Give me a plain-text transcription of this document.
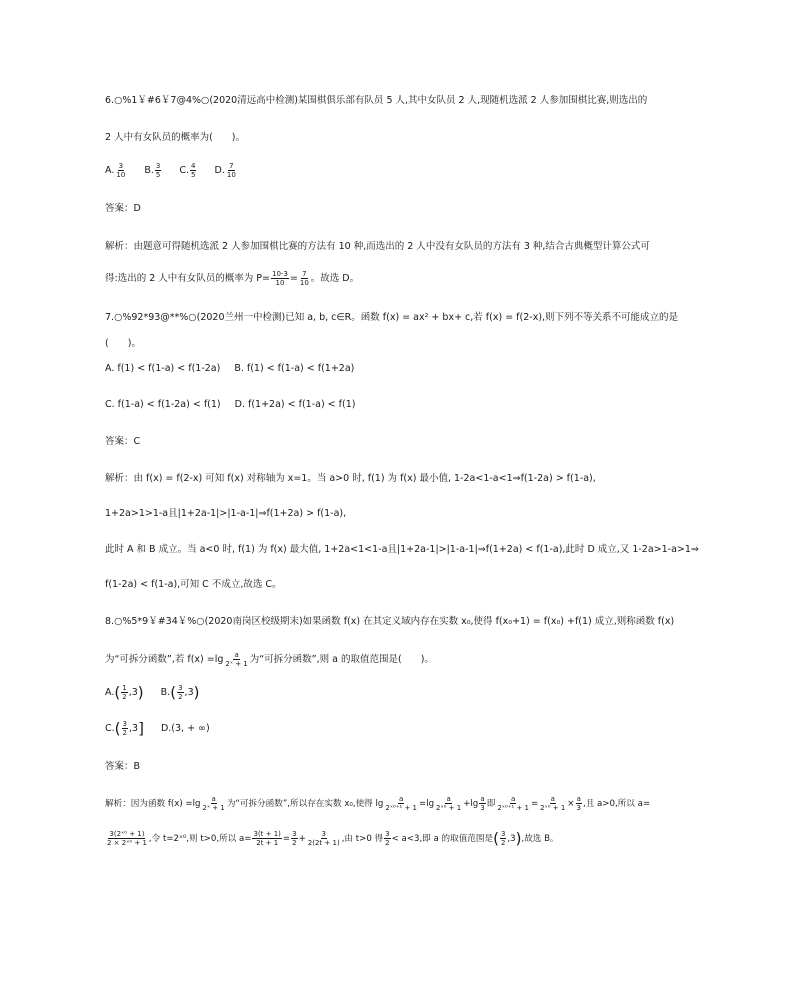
6.○%1￥#6￥7@4%○(2020清远高中检测)某围棋俱乐部有队员 5 人,其中女队员 2 人,现随机选派 2 人参加围棋比赛,则选出的
2 人中有女队员的概率为(　　)。
A. $\frac{3}{10} B$. $\frac{3}{5} C$. $\frac{4}{5} D$. $\frac{7}{10}$
答案：D
解析：由题意可得随机选派 2 人参加围棋比赛的方法有 10 种,而选出的 2 人中没有女队员的方法有 3 种,结合古典概型计算公式可
得:选出的 2 人中有女队员的概率为 $P= \frac{10-3}{10} = \frac{7}{10}$ 。故选 D。
7.○%92*93@**%○(2020兰州一中检测)已知 a, b, c∈R。函数 f(x) = ax² + bx+ c,若 f(x) = f(2-x),则下列不等关系不可能成立的是
(　　)。
A. f(1) < f(1-a) < f(1-2a) B. f(1) < f(1-a) < f(1+2a)
C. f(1-a) < f(1-2a) < f(1) D. f(1+2a) < f(1-a) < f(1)
答案：C
解析：由 f(x) = f(2-x) 可知 f(x) 对称轴为 x=1。当 a>0 时, f(1) 为 f(x) 最小值, 1-2a<1-a<1⇒f(1-2a) > f(1-a),
1+2a>1>1-a且|1+2a-1|>|1-a-1|⇒f(1+2a) > f(1-a),
此时 A 和 B 成立。当 a<0 时, f(1) 为 f(x) 最大值, 1+2a<1<1-a且|1+2a-1|>|1-a-1|⇒f(1+2a) < f(1-a),此时 D 成立,又 1-2a>1-a>1⇒
f(1-2a) < f(1-a),可知 C 不成立,故选 C。
8.○%5*9￥#34￥%○(2020南岗区校级期末)如果函数 f(x) 在其定义域内存在实数 x₀,使得 f(x₀+1) = f(x₀) +f(1) 成立,则称函数 f(x)
为“可拆分函数”,若 $f(x) =\lg \frac{a}{\text{2ˣ + 1}}$ 为“可拆分函数”,则 a 的取值范围是(　　)。
$A.( \frac{1}{2} ,3)$ $B.( \frac{3}{2} ,3)$
$C.( \frac{3}{2} ,3]$ D.(3, + ∞)
答案：B
解析：因为函数 $f(x) =\lg \frac{a}{\text{2ˣ + 1}}$ 为“可拆分函数”,所以存在实数 x₀,使得 $\lg \frac{a}{\text{2ˣ⁰⁺¹ + 1}} =\lg \frac{a}{\text{2ˣ⁰ + 1}} +\lg \frac{a}{3}$ 即 $\frac{a}{\text{2ˣ⁰⁺¹ + 1}} = \frac{a}{\text{2ˣ⁰ + 1}} \times \frac{a}{3}$ ,且 a>0,所以 a=
$\frac{\text{3(2ˣ⁰ + 1)}}{\text{2 × 2ˣ⁰ + 1}}$ ,令 t=2ˣ⁰,则 t>0,所以 $a= \frac{3(t + 1)}{2t + 1} = \frac{3}{2} + \frac{3}{2(2t + 1)}$ ,由 t>0 得 $\frac{3}{2} < a<3$,即 a 的取值范围是( $\frac{3}{2} ,3$),故选 B。
